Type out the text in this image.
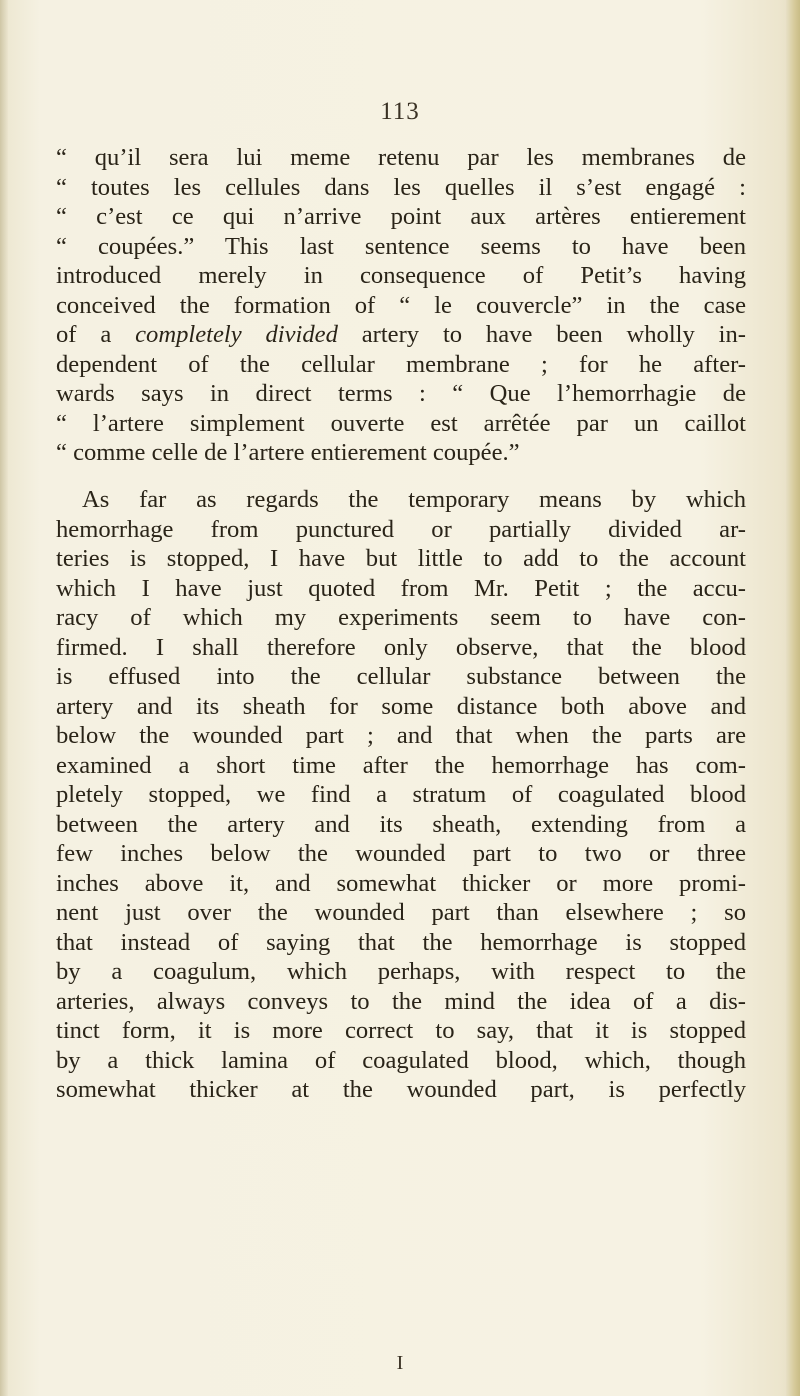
113
“ qu’il sera lui meme retenu par les membranes de
“ toutes les cellules dans les quelles il s’est engagé :
“ c’est ce qui n’arrive point aux artères entierement
“ coupées.” This last sentence seems to have been
introduced merely in consequence of Petit’s having
conceived the formation of “ le couvercle” in the case
of a completely divided artery to have been wholly in-
dependent of the cellular membrane ; for he after-
wards says in direct terms : “ Que l’hemorrhagie de
“ l’artere simplement ouverte est arrêtée par un caillot
“ comme celle de l’artere entierement coupée.”
As far as regards the temporary means by which
hemorrhage from punctured or partially divided ar-
teries is stopped, I have but little to add to the account
which I have just quoted from Mr. Petit ; the accu-
racy of which my experiments seem to have con-
firmed. I shall therefore only observe, that the blood
is effused into the cellular substance between the
artery and its sheath for some distance both above and
below the wounded part ; and that when the parts are
examined a short time after the hemorrhage has com-
pletely stopped, we find a stratum of coagulated blood
between the artery and its sheath, extending from a
few inches below the wounded part to two or three
inches above it, and somewhat thicker or more promi-
nent just over the wounded part than elsewhere ; so
that instead of saying that the hemorrhage is stopped
by a coagulum, which perhaps, with respect to the
arteries, always conveys to the mind the idea of a dis-
tinct form, it is more correct to say, that it is stopped
by a thick lamina of coagulated blood, which, though
somewhat thicker at the wounded part, is perfectly
I
